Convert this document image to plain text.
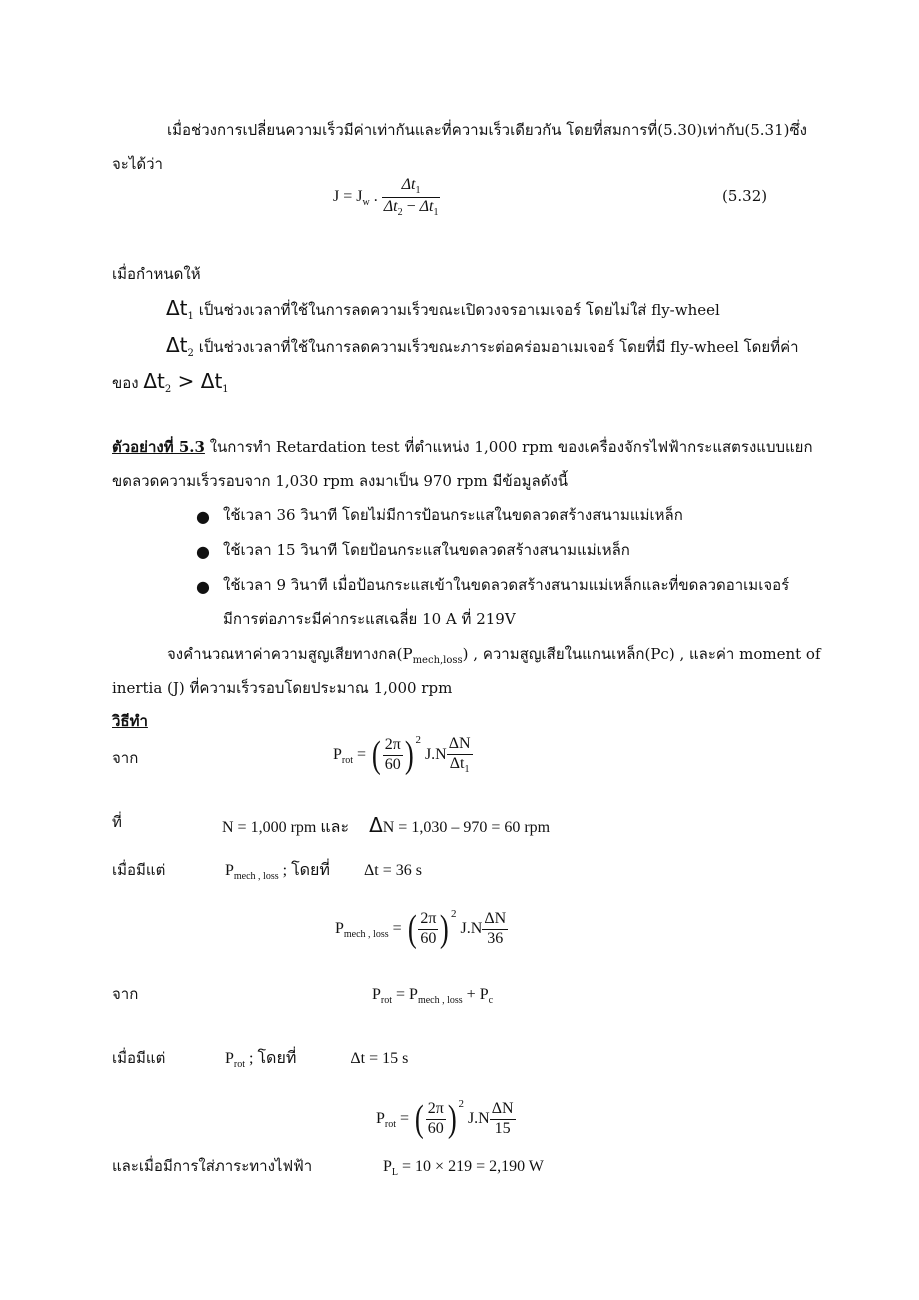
เมื่อช่วงการเปลี่ยนความเร็วมีค่าเท่ากันและที่ความเร็วเดียวกัน โดยที่สมการที่(5.30)เท่ากับ(5.31)ซึ่ง
จะได้ว่า
$J = J_w$ . $\frac{\Delta t_1}{\Delta t_2 - \Delta t_1}$	(5.32)
เมื่อกำหนดให้
$\Delta t_1$ เป็นช่วงเวลาที่ใช้ในการลดความเร็วขณะเปิดวงจรอาเมเจอร์ โดยไม่ใส่ fly-wheel
$\Delta t_2$ เป็นช่วงเวลาที่ใช้ในการลดความเร็วขณะภาระต่อคร่อมอาเมเจอร์ โดยที่มี fly-wheel โดยที่ค่า
ของ $\Delta t_2 > \Delta t_1$
ตัวอย่างที่ 5.3 ในการทำ Retardation test ที่ตำแหน่ง 1,000 rpm ของเครื่องจักรไฟฟ้ากระแสตรงแบบแยก
ขดลวดความเร็วรอบจาก 1,030 rpm ลงมาเป็น 970 rpm มีข้อมูลดังนี้
● ใช้เวลา 36 วินาที โดยไม่มีการป้อนกระแสในขดลวดสร้างสนามแม่เหล็ก
● ใช้เวลา 15 วินาที โดยป้อนกระแสในขดลวดสร้างสนามแม่เหล็ก
● ใช้เวลา 9 วินาที เมื่อป้อนกระแสเข้าในขดลวดสร้างสนามแม่เหล็กและที่ขดลวดอาเมเจอร์
มีการต่อภาระมีค่ากระแสเฉลี่ย 10 A ที่ 219V
จงคำนวณหาค่าความสูญเสียทางกล$(P_{mech,loss})$ , ความสูญเสียในแกนเหล็ก(Pc) , และค่า moment of
inertia (J) ที่ความเร็วรอบโดยประมาณ 1,000 rpm
วิธีทำ
จาก	$P_{rot}$ = ( $\frac{2\pi}{60}$ ) $^2$ $J.N \frac{\Delta N}{\Delta t_1}$
ที่	N = 1,000 rpm และ ΔN = 1,030 – 970 = 60 rpm
เมื่อมีแต่	$P_{mech , loss}$ ; โดยที่ Δt = 36 s
$P_{mech , loss}$ = ( $\frac{2\pi}{60}$ ) $^2$ $J.N \frac{\Delta N}{36}$
จาก	$P_{rot} = P_{mech , loss} + P_c$
เมื่อมีแต่	$P_{rot}$ ; โดยที่	Δt = 15 s
$P_{rot}$ = ( $\frac{2\pi}{60}$ ) $^2$ $J.N \frac{\Delta N}{15}$
และเมื่อมีการใส่ภาระทางไฟฟ้า	$P_L = 10 \times 219 = 2,190$ W
